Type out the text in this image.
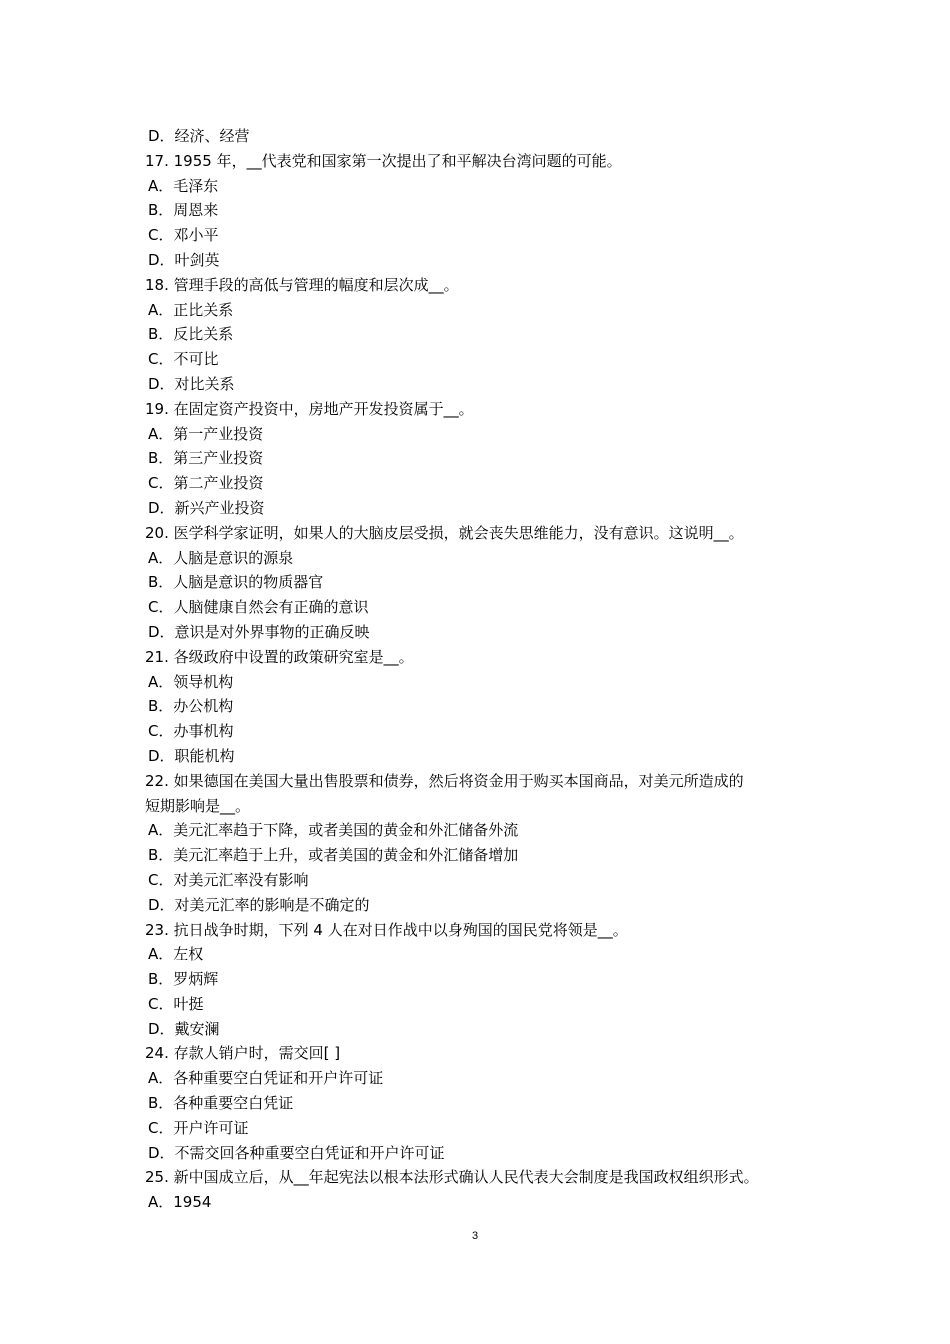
D．经济、经营
17. 1955 年，__代表党和国家第一次提出了和平解决台湾问题的可能。
A．毛泽东
B．周恩来
C．邓小平
D．叶剑英
18. 管理手段的高低与管理的幅度和层次成__。
A．正比关系
B．反比关系
C．不可比
D．对比关系
19. 在固定资产投资中，房地产开发投资属于__。
A．第一产业投资
B．第三产业投资
C．第二产业投资
D．新兴产业投资
20. 医学科学家证明，如果人的大脑皮层受损，就会丧失思维能力，没有意识。这说明__。
A．人脑是意识的源泉
B．人脑是意识的物质器官
C．人脑健康自然会有正确的意识
D．意识是对外界事物的正确反映
21. 各级政府中设置的政策研究室是__。
A．领导机构
B．办公机构
C．办事机构
D．职能机构
22. 如果德国在美国大量出售股票和债券，然后将资金用于购买本国商品，对美元所造成的
短期影响是__。
A．美元汇率趋于下降，或者美国的黄金和外汇储备外流
B．美元汇率趋于上升，或者美国的黄金和外汇储备增加
C．对美元汇率没有影响
D．对美元汇率的影响是不确定的
23. 抗日战争时期，下列 4 人在对日作战中以身殉国的国民党将领是__。
A．左权
B．罗炳辉
C．叶挺
D．戴安澜
24. 存款人销户时，需交回[ ]
A．各种重要空白凭证和开户许可证
B．各种重要空白凭证
C．开户许可证
D．不需交回各种重要空白凭证和开户许可证
25. 新中国成立后，从__年起宪法以根本法形式确认人民代表大会制度是我国政权组织形式。
A．1954
3
